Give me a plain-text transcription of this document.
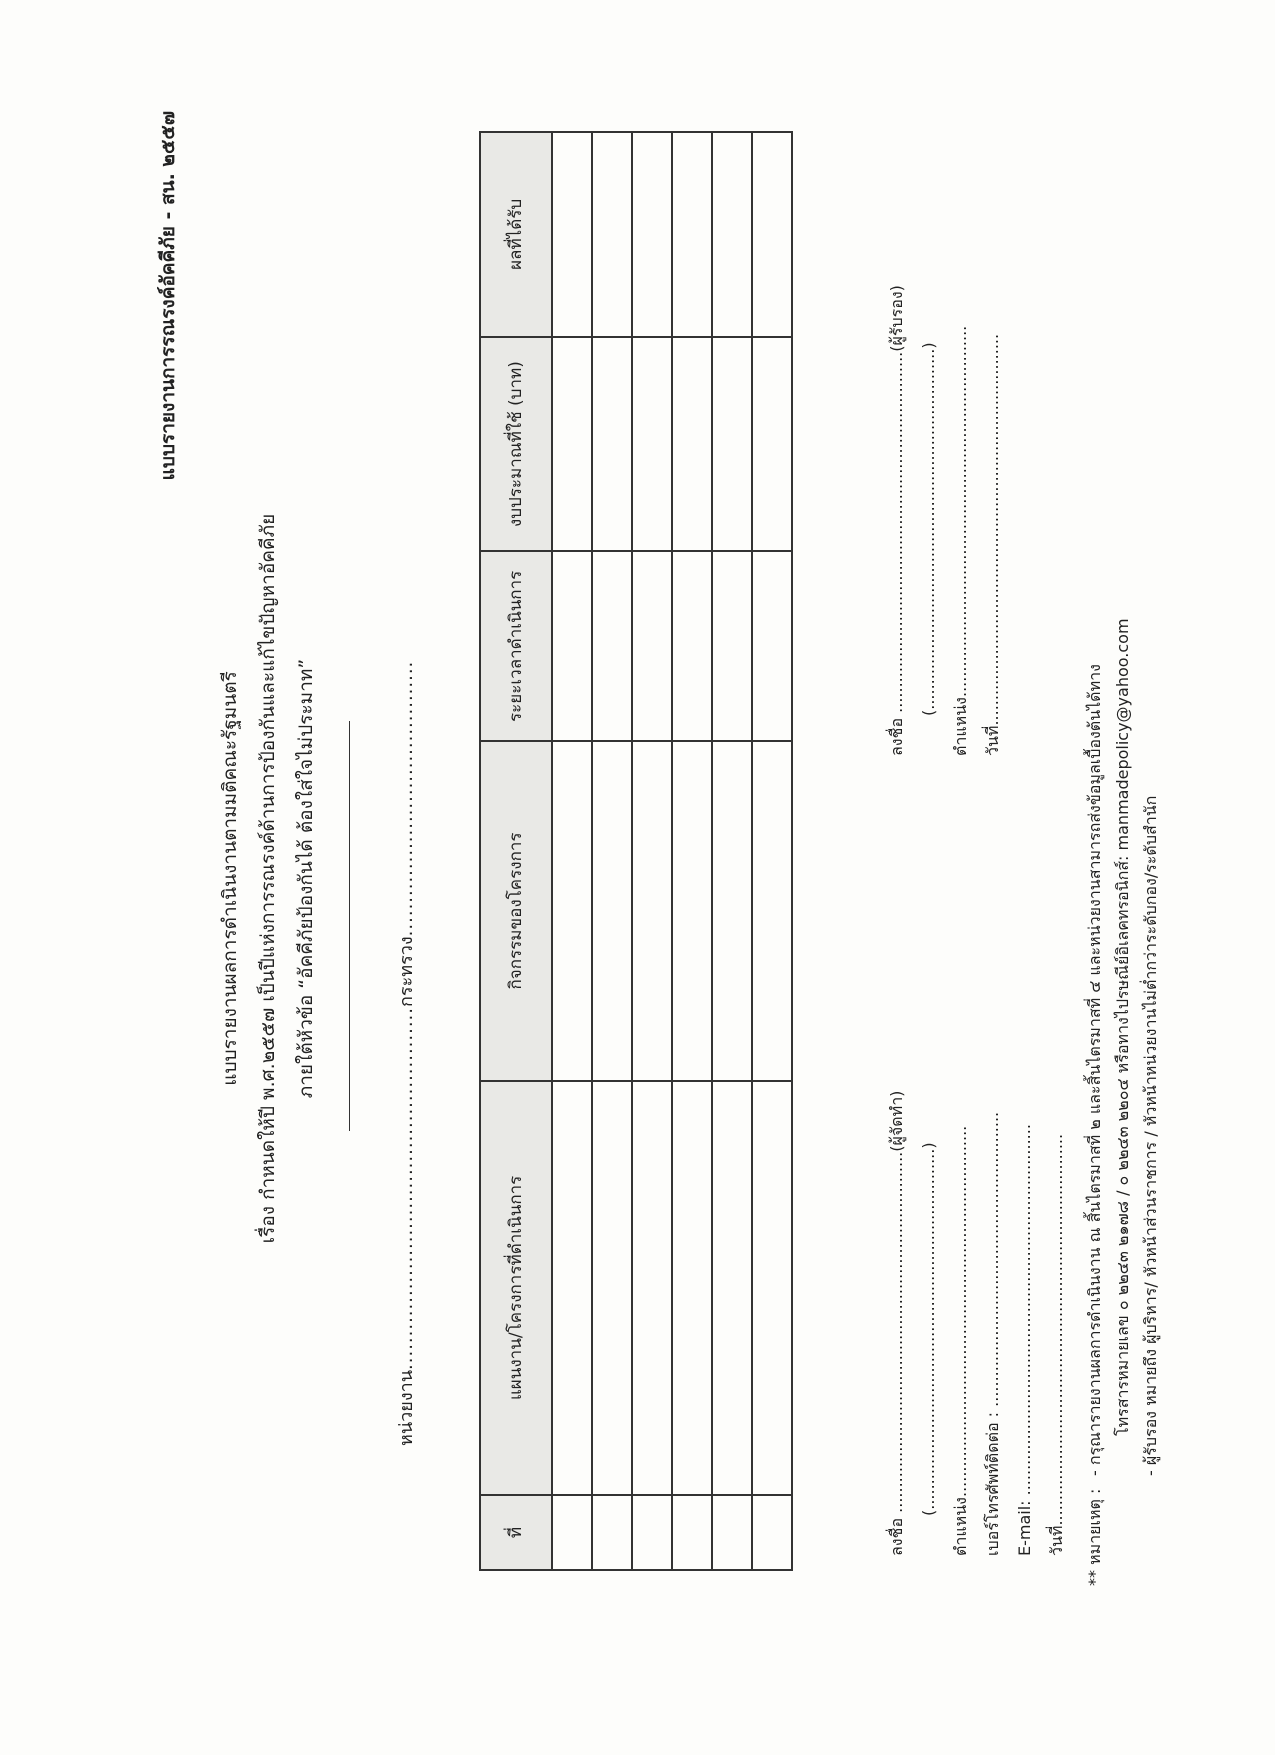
แบบรายงานการรณรงค์อัคคีภัย - สน. ๒๕๕๗
แบบรายงานผลการดำเนินงานตามมติคณะรัฐมนตรี เรื่อง กำหนดให้ปี พ.ศ.๒๕๕๗ เป็นปีแห่งการรณรงค์ด้านการป้องกันและแก้ไขปัญหาอัคคีภัย ภายใต้หัวข้อ “อัคคีภัยป้องกันได้ ต้องใส่ใจไม่ประมาท”
หน่วยงาน......................................................กระทรวง.........................................
ที่	แผนงาน/โครงการที่ดำเนินการ	กิจกรรมของโครงการ	ระยะเวลาดำเนินการ	งบประมาณที่ใช้ (บาท)	ผลที่ได้รับ

ลงชื่อ .......................................................................(ผู้จัดทำ) (.......................................................................) ตำแหน่ง......................................................................... เบอร์โทรศัพท์ติดต่อ : .......................................................... E-mail: ......................................................................... วันที่.............................................................................
ลงชื่อ .......................................................................(ผู้รับรอง) (.......................................................................) ตำแหน่ง......................................................................... วันที่.............................................................................
** หมายเหตุ :- กรุณารายงานผลการดำเนินงาน ณ สิ้นไตรมาสที่ ๒ และสิ้นไตรมาสที่ ๔ และหน่วยงานสามารถส่งข้อมูลเบื้องต้นได้ทาง โทรสารหมายเลข ๐ ๒๒๔๓ ๒๑๗๘ / ๐ ๒๒๔๓ ๒๒๐๔ หรือทางไปรษณีย์อิเลคทรอนิกส์: manmadepolicy@yahoo.com - ผู้รับรอง หมายถึง ผู้บริหาร/ หัวหน้าส่วนราชการ / หัวหน้าหน่วยงานไม่ต่ำกว่าระดับกอง/ระดับสำนัก
